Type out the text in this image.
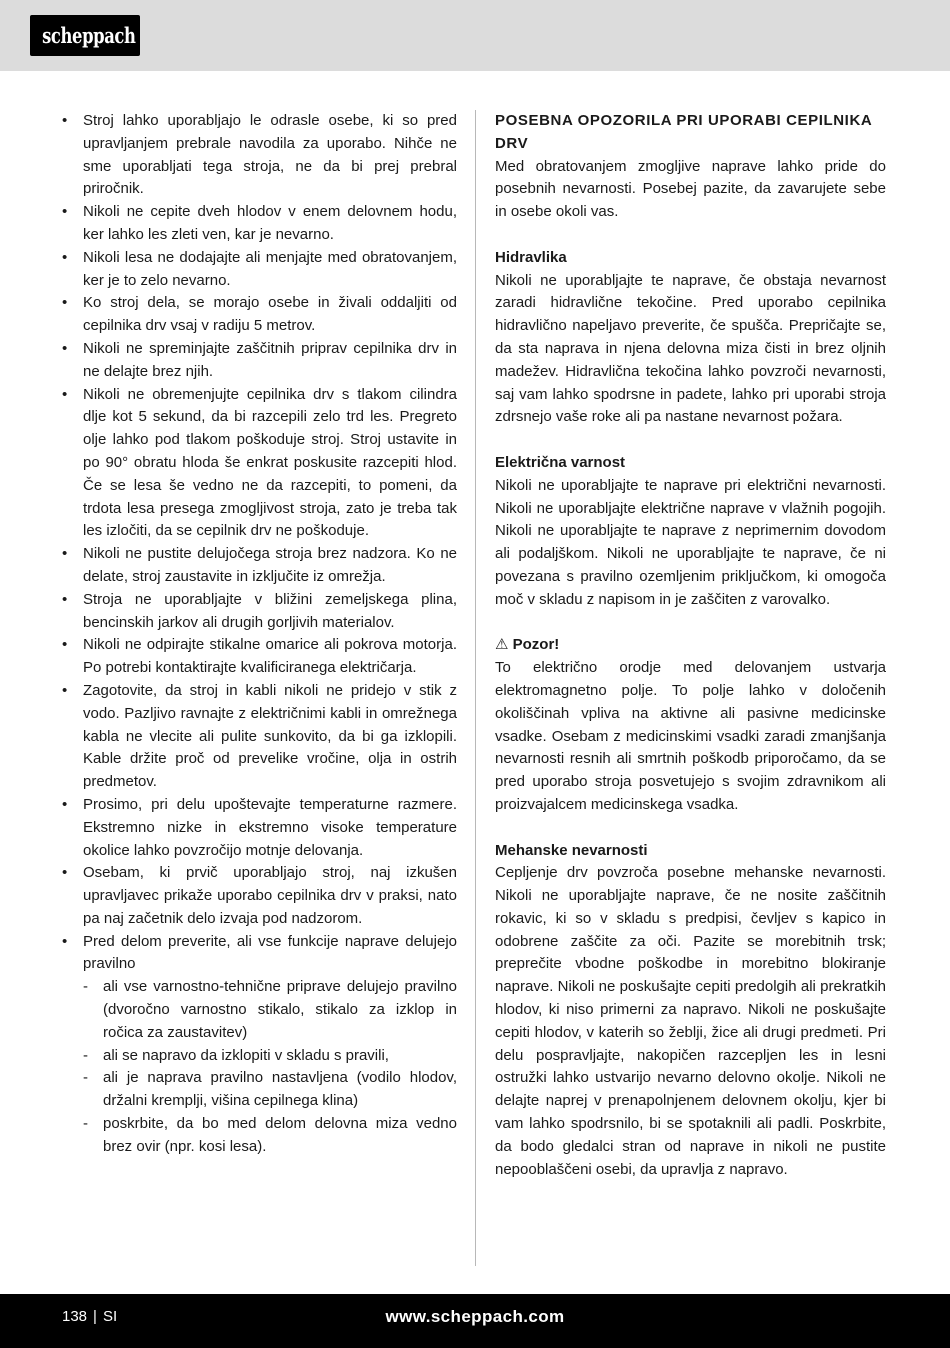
scheppach
• Stroj lahko uporabljajo le odrasle osebe, ki so pred upravljanjem prebrale navodila za uporabo. Nihče ne sme uporabljati tega stroja, ne da bi prej prebral priročnik.
• Nikoli ne cepite dveh hlodov v enem delovnem hodu, ker lahko les zleti ven, kar je nevarno.
• Nikoli lesa ne dodajajte ali menjajte med obratovanjem, ker je to zelo nevarno.
• Ko stroj dela, se morajo osebe in živali oddaljiti od cepilnika drv vsaj v radiju 5 metrov.
• Nikoli ne spreminjajte zaščitnih priprav cepilnika drv in ne delajte brez njih.
• Nikoli ne obremenjujte cepilnika drv s tlakom cilindra dlje kot 5 sekund, da bi razcepili zelo trd les. Pregreto olje lahko pod tlakom poškoduje stroj. Stroj ustavite in po 90° obratu hloda še enkrat poskusite razcepiti hlod. Če se lesa še vedno ne da razcepiti, to pomeni, da trdota lesa presega zmogljivost stroja, zato je treba tak les izločiti, da se cepilnik drv ne poškoduje.
• Nikoli ne pustite delujočega stroja brez nadzora. Ko ne delate, stroj zaustavite in izključite iz omrežja.
• Stroja ne uporabljajte v bližini zemeljskega plina, bencinskih jarkov ali drugih gorljivih materialov.
• Nikoli ne odpirajte stikalne omarice ali pokrova motorja. Po potrebi kontaktirajte kvalificiranega električarja.
• Zagotovite, da stroj in kabli nikoli ne pridejo v stik z vodo. Pazljivo ravnajte z električnimi kabli in omrežnega kabla ne vlecite ali pulite sunkovito, da bi ga izklopili. Kable držite proč od prevelike vročine, olja in ostrih predmetov.
• Prosimo, pri delu upoštevajte temperaturne razmere. Ekstremno nizke in ekstremno visoke temperature okolice lahko povzročijo motnje delovanja.
• Osebam, ki prvič uporabljajo stroj, naj izkušen upravljavec prikaže uporabo cepilnika drv v praksi, nato pa naj začetnik delo izvaja pod nadzorom.
• Pred delom preverite, ali vse funkcije naprave delujejo pravilno
- ali vse varnostno-tehnične priprave delujejo pravilno (dvoročno varnostno stikalo, stikalo za izklop in ročica za zaustavitev)
- ali se napravo da izklopiti v skladu s pravili,
- ali je naprava pravilno nastavljena (vodilo hlodov, držalni kremplji, višina cepilnega klina)
- poskrbite, da bo med delom delovna miza vedno brez ovir (npr. kosi lesa).
POSEBNA OPOZORILA PRI UPORABI CEPILNIKA DRV

Med obratovanjem zmogljive naprave lahko pride do posebnih nevarnosti. Posebej pazite, da zavarujete sebe in osebe okoli vas.

Hidravlika

Nikoli ne uporabljajte te naprave, če obstaja nevarnost zaradi hidravlične tekočine. Pred uporabo cepilnika hidravlično napeljavo preverite, če spušča. Prepričajte se, da sta naprava in njena delovna miza čisti in brez oljnih madežev. Hidravlična tekočina lahko povzroči nevarnosti, saj vam lahko spodrsne in padete, lahko pri uporabi stroja zdrsnejo vaše roke ali pa nastane nevarnost požara.

Električna varnost

Nikoli ne uporabljajte te naprave pri električni nevarnosti. Nikoli ne uporabljajte električne naprave v vlažnih pogojih. Nikoli ne uporabljajte te naprave z neprimernim dovodom ali podaljškom. Nikoli ne uporabljajte te naprave, če ni povezana s pravilno ozemljenim priključkom, ki omogoča moč v skladu z napisom in je zaščiten z varovalko.

⚠ Pozor!

To električno orodje med delovanjem ustvarja elektromagnetno polje. To polje lahko v določenih okoliščinah vpliva na aktivne ali pasivne medicinske vsadke. Osebam z medicinskimi vsadki zaradi zmanjšanja nevarnosti resnih ali smrtnih poškodb priporočamo, da se pred uporabo stroja posvetujejo s svojim zdravnikom ali proizvajalcem medicinskega vsadka.

Mehanske nevarnosti

Cepljenje drv povzroča posebne mehanske nevarnosti. Nikoli ne uporabljajte naprave, če ne nosite zaščitnih rokavic, ki so v skladu s predpisi, čevljev s kapico in odobrene zaščite za oči. Pazite se morebitnih trsk; preprečite vbodne poškodbe in morebitno blokiranje naprave. Nikoli ne poskušajte cepiti predolgih ali prekratkih hlodov, ki niso primerni za napravo. Nikoli ne poskušajte cepiti hlodov, v katerih so žeblji, žice ali drugi predmeti. Pri delu pospravljajte, nakopičen razcepljen les in lesni ostružki lahko ustvarijo nevarno delovno okolje. Nikoli ne delajte naprej v prenapolnjenem delovnem okolju, kjer bi vam lahko spodrsnilo, bi se spotaknili ali padli. Poskrbite, da bodo gledalci stran od naprave in nikoli ne pustite nepooblaščeni osebi, da upravlja z napravo.

www.scheppach.com
138 | SI
